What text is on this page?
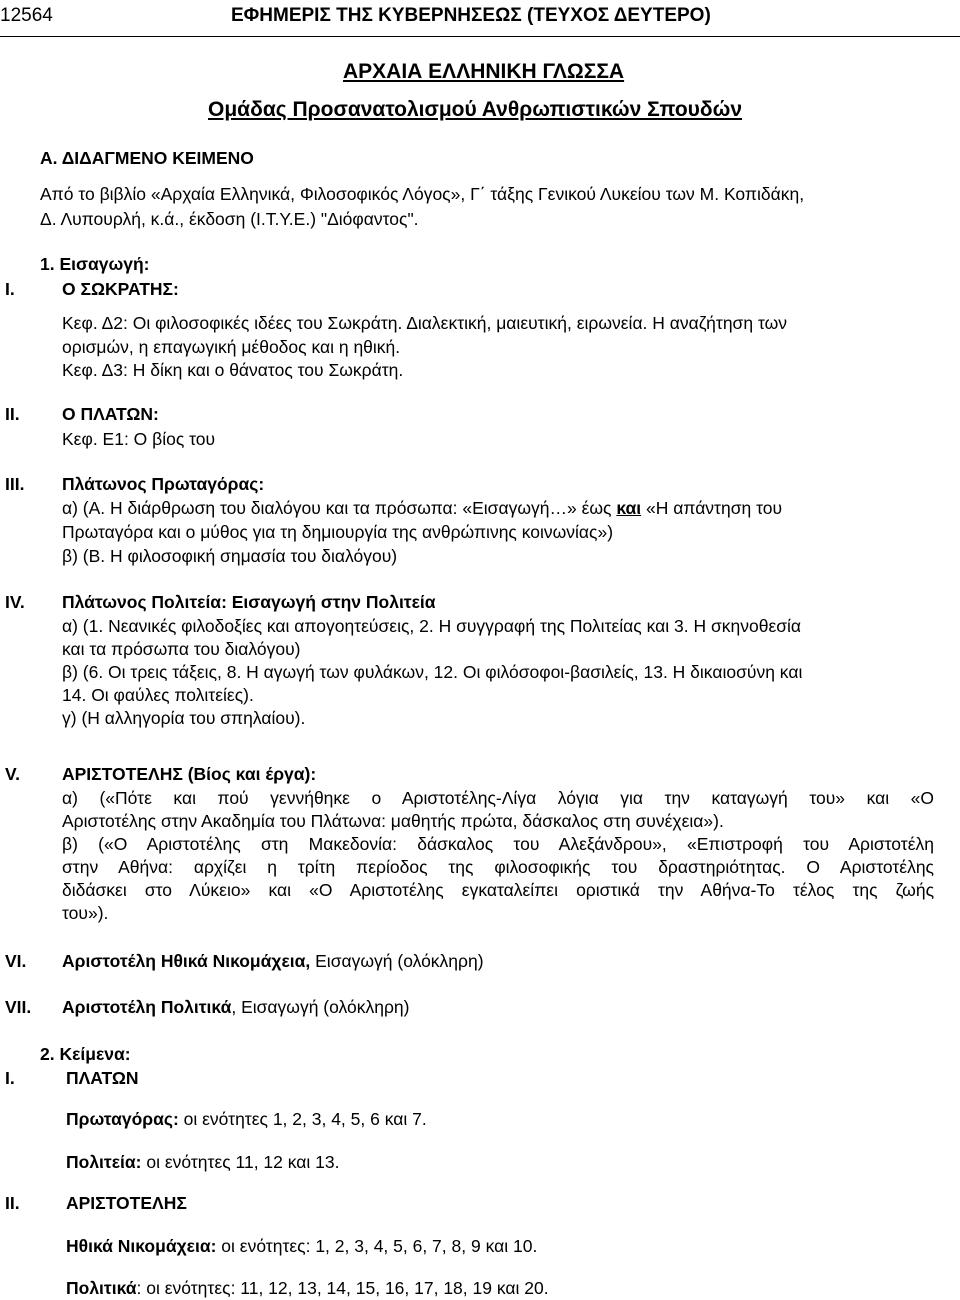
12564	ΕΦΗΜΕΡΙΣ ΤΗΣ ΚΥΒΕΡΝΗΣΕΩΣ (ΤΕΥΧΟΣ ΔΕΥΤΕΡΟ)
ΑΡΧΑΙΑ ΕΛΛΗΝΙΚΗ ΓΛΩΣΣΑ
Ομάδας Προσανατολισμού Ανθρωπιστικών Σπουδών
Α. ΔΙΔΑΓΜΕΝΟ ΚΕΙΜΕΝΟ
Από το βιβλίο «Αρχαία Ελληνικά, Φιλοσοφικός Λόγος», Γ΄ τάξης Γενικού Λυκείου των Μ. Κοπιδάκη,
Δ. Λυπουρλή, κ.ά., έκδοση (Ι.Τ.Υ.Ε.) "Διόφαντος".
1. Εισαγωγή:
Ι.	Ο ΣΩΚΡΑΤΗΣ:
Κεφ. Δ2: Οι φιλοσοφικές ιδέες του Σωκράτη. Διαλεκτική, μαιευτική, ειρωνεία. Η αναζήτηση των
ορισμών, η επαγωγική μέθοδος και η ηθική.
Κεφ. Δ3: Η δίκη και ο θάνατος του Σωκράτη.
ΙΙ. Ο ΠΛΑΤΩΝ:
Κεφ. Ε1: Ο βίος του
ΙΙΙ. Πλάτωνος Πρωταγόρας:
α) (Α. Η διάρθρωση του διαλόγου και τα πρόσωπα: «Εισαγωγή…» έως και «Η απάντηση του
Πρωταγόρα και ο μύθος για τη δημιουργία της ανθρώπινης κοινωνίας»)
β) (Β. Η φιλοσοφική σημασία του διαλόγου)
IV. Πλάτωνος Πολιτεία: Εισαγωγή στην Πολιτεία
α) (1. Νεανικές φιλοδοξίες και απογοητεύσεις, 2. Η συγγραφή της Πολιτείας και 3. Η σκηνοθεσία
και τα πρόσωπα του διαλόγου)
β) (6. Οι τρεις τάξεις, 8. Η αγωγή των φυλάκων, 12. Οι φιλόσοφοι-βασιλείς, 13. Η δικαιοσύνη και
14. Οι φαύλες πολιτείες).
γ) (Η αλληγορία του σπηλαίου).
V. ΑΡΙΣΤΟΤΕΛΗΣ (Βίος και έργα):
α) («Πότε και πού γεννήθηκε ο Αριστοτέλης-Λίγα λόγια για την καταγωγή του» και «Ο
Αριστοτέλης στην Ακαδημία του Πλάτωνα: μαθητής πρώτα, δάσκαλος στη συνέχεια»).
β) («Ο Αριστοτέλης στη Μακεδονία: δάσκαλος του Αλεξάνδρου», «Επιστροφή του Αριστοτέλη
στην Αθήνα: αρχίζει η τρίτη περίοδος της φιλοσοφικής του δραστηριότητας. Ο Αριστοτέλης
διδάσκει στο Λύκειο» και «Ο Αριστοτέλης εγκαταλείπει οριστικά την Αθήνα-Το τέλος της ζωής
του»).
VI. Αριστοτέλη Ηθικά Νικομάχεια, Εισαγωγή (ολόκληρη)
VII. Αριστοτέλη Πολιτικά, Εισαγωγή (ολόκληρη)
2. Κείμενα:
Ι.	ΠΛΑΤΩΝ
Πρωταγόρας: οι ενότητες 1, 2, 3, 4, 5, 6 και 7.
Πολιτεία: οι ενότητες 11, 12 και 13.
ΙΙ.	ΑΡΙΣΤΟΤΕΛΗΣ
Ηθικά Νικομάχεια: οι ενότητες: 1, 2, 3, 4, 5, 6, 7, 8, 9 και 10.
Πολιτικά: οι ενότητες: 11, 12, 13, 14, 15, 16, 17, 18, 19 και 20.
